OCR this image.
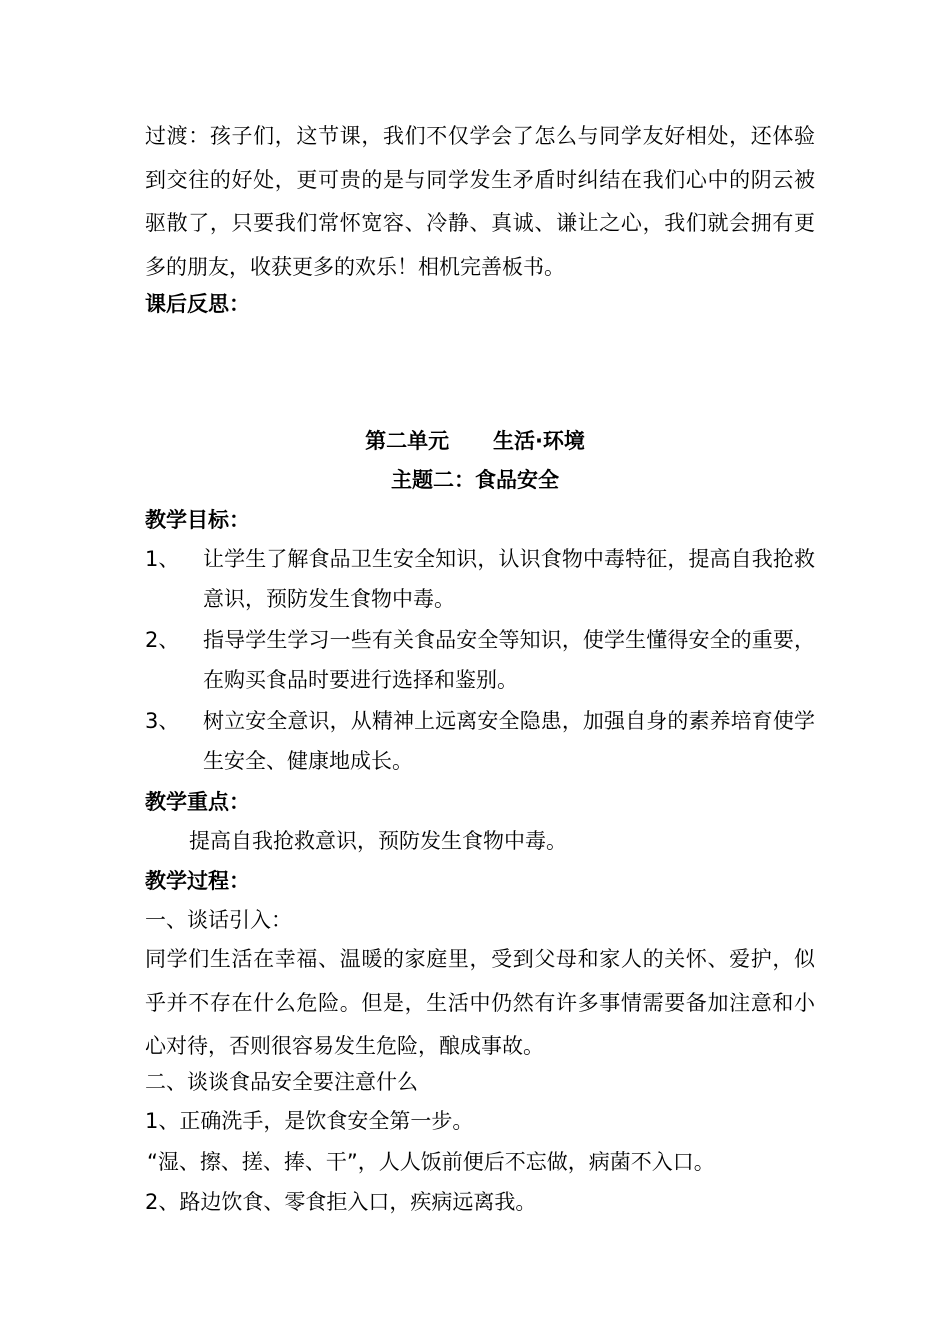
过渡：孩子们，这节课，我们不仅学会了怎么与同学友好相处，还体验到交往的好处，更可贵的是与同学发生矛盾时纠结在我们心中的阴云被驱散了，只要我们常怀宽容、冷静、真诚、谦让之心，我们就会拥有更多的朋友，收获更多的欢乐！相机完善板书。
课后反思：
第二单元      生活·环境
主题二：食品安全
教学目标：
1、 让学生了解食品卫生安全知识，认识食物中毒特征，提高自我抢救意识，预防发生食物中毒。
2、 指导学生学习一些有关食品安全等知识，使学生懂得安全的重要，在购买食品时要进行选择和鉴别。
3、 树立安全意识，从精神上远离安全隐患，加强自身的素养培育使学生安全、健康地成长。
教学重点：
提高自我抢救意识，预防发生食物中毒。
教学过程：
一、谈话引入：
同学们生活在幸福、温暖的家庭里，受到父母和家人的关怀、爱护，似乎并不存在什么危险。但是，生活中仍然有许多事情需要备加注意和小心对待，否则很容易发生危险，酿成事故。
二、谈谈食品安全要注意什么
1、正确洗手，是饮食安全第一步。
“湿、擦、搓、捧、干”，人人饭前便后不忘做，病菌不入口。
2、路边饮食、零食拒入口，疾病远离我。
